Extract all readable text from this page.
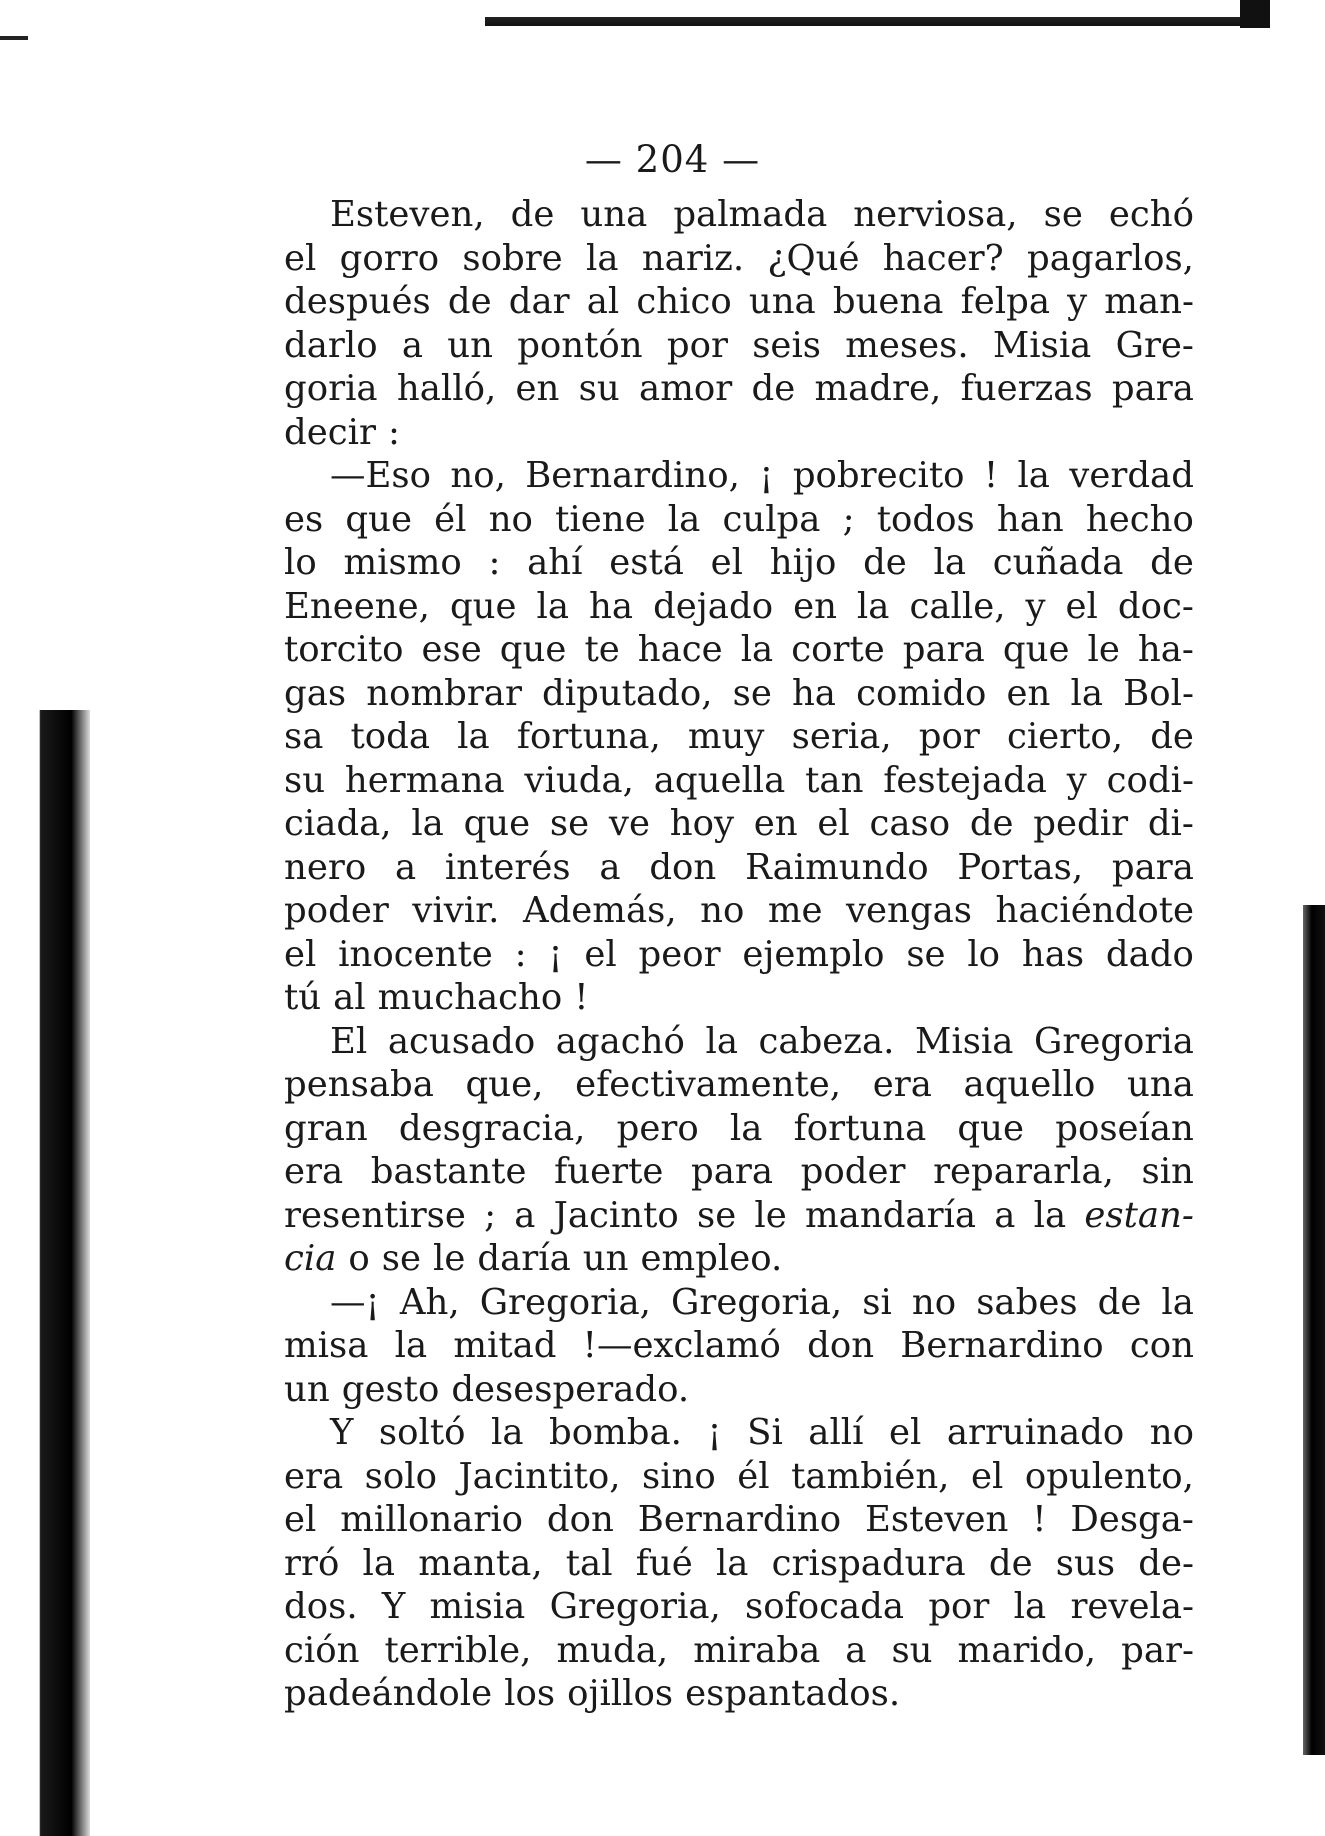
— 204 —
Esteven, de una palmada nerviosa, se echó
el gorro sobre la nariz. ¿Qué hacer? pagarlos,
después de dar al chico una buena felpa y man-
darlo a un pontón por seis meses. Misia Gre-
goria halló, en su amor de madre, fuerzas para
decir :
—Eso no, Bernardino, ¡ pobrecito ! la verdad
es que él no tiene la culpa ; todos han hecho
lo mismo : ahí está el hijo de la cuñada de
Eneene, que la ha dejado en la calle, y el doc-
torcito ese que te hace la corte para que le ha-
gas nombrar diputado, se ha comido en la Bol-
sa toda la fortuna, muy seria, por cierto, de
su hermana viuda, aquella tan festejada y codi-
ciada, la que se ve hoy en el caso de pedir di-
nero a interés a don Raimundo Portas, para
poder vivir. Además, no me vengas haciéndote
el inocente : ¡ el peor ejemplo se lo has dado
tú al muchacho !
El acusado agachó la cabeza. Misia Gregoria
pensaba que, efectivamente, era aquello una
gran desgracia, pero la fortuna que poseían
era bastante fuerte para poder repararla, sin
resentirse ; a Jacinto se le mandaría a la estan-
cia o se le daría un empleo.
—¡ Ah, Gregoria, Gregoria, si no sabes de la
misa la mitad !—exclamó don Bernardino con
un gesto desesperado.
Y soltó la bomba. ¡ Si allí el arruinado no
era solo Jacintito, sino él también, el opulento,
el millonario don Bernardino Esteven ! Desga-
rró la manta, tal fué la crispadura de sus de-
dos. Y misia Gregoria, sofocada por la revela-
ción terrible, muda, miraba a su marido, par-
padeándole los ojillos espantados.
